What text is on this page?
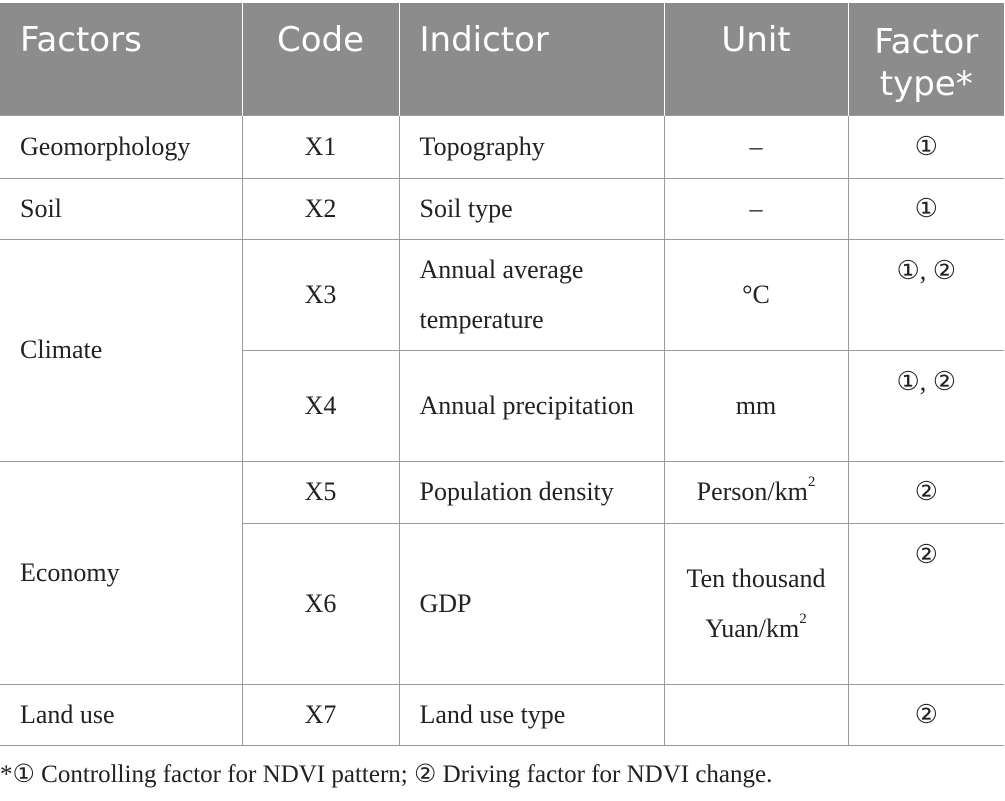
Factors	Code	Indictor	Unit	Factor type*
Geomorphology	X1	Topography	–	①
Soil	X2	Soil type	–	①
Climate	X3	Annual average temperature	°C	①, ②
	X4	Annual precipitation	mm	①, ②
Economy	X5	Population density	Person/$km^2$	②
	X6	GDP	Ten thousand Yuan/$km^2$	②
Land use	X7	Land use type		②
*① Controlling factor for NDVI pattern; ② Driving factor for NDVI change.
